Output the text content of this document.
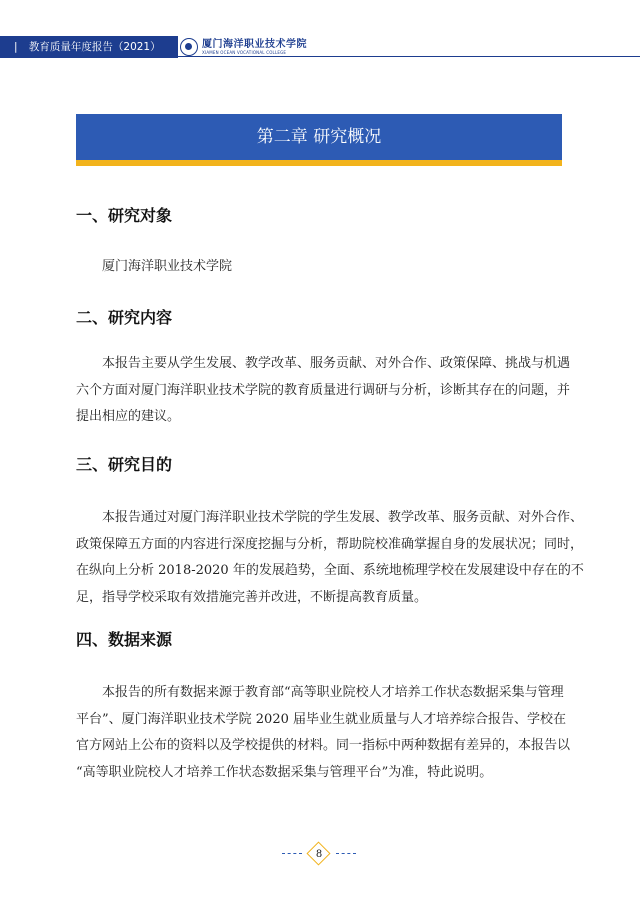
| 教育质量年度报告（2021）	厦门海洋职业技术学院
XIAMEN OCEAN VOCATIONAL COLLEGE
第二章 研究概况
一、研究对象
厦门海洋职业技术学院
二、研究内容
本报告主要从学生发展、教学改革、服务贡献、对外合作、政策保障、挑战与机遇
六个方面对厦门海洋职业技术学院的教育质量进行调研与分析，诊断其存在的问题，并
提出相应的建议。
三、研究目的
本报告通过对厦门海洋职业技术学院的学生发展、教学改革、服务贡献、对外合作、
政策保障五方面的内容进行深度挖掘与分析，帮助院校准确掌握自身的发展状况；同时，
在纵向上分析 2018-2020 年的发展趋势，全面、系统地梳理学校在发展建设中存在的不
足，指导学校采取有效措施完善并改进，不断提高教育质量。
四、数据来源
本报告的所有数据来源于教育部“高等职业院校人才培养工作状态数据采集与管理
平台”、厦门海洋职业技术学院 2020 届毕业生就业质量与人才培养综合报告、学校在
官方网站上公布的资料以及学校提供的材料。同一指标中两种数据有差异的，本报告以
“高等职业院校人才培养工作状态数据采集与管理平台”为准，特此说明。
8
